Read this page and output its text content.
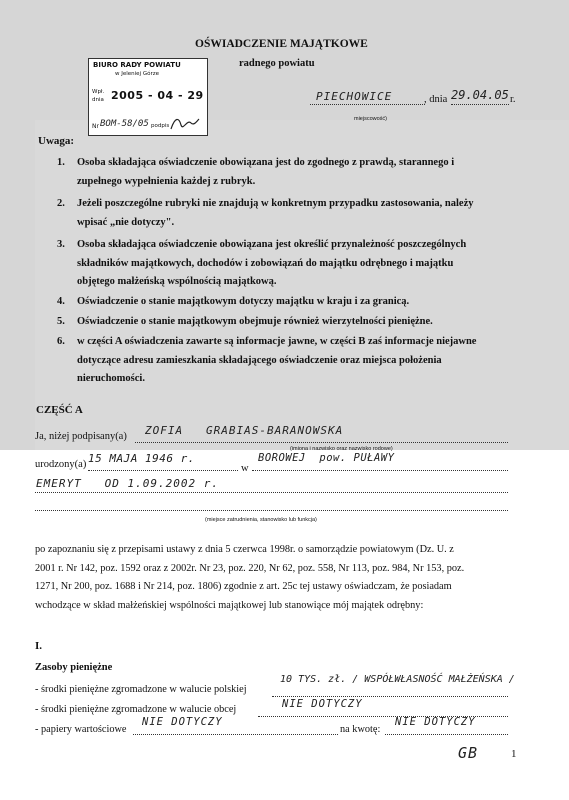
OŚWIADCZENIE MAJĄTKOWE
radnego powiatu
BIURO RADY POWIATU
w Jeleniej Górze
Wpł.
dnia 2005 - 04 - 29
Nr BOM-58/05 podpis
PIECHOWICE	, dnia 29.04.05 r.
miejscowość)
Uwaga:
1. Osoba składająca oświadczenie obowiązana jest do zgodnego z prawdą, starannego i
zupełnego wypełnienia każdej z rubryk.
2. Jeżeli poszczególne rubryki nie znajdują w konkretnym przypadku zastosowania, należy
wpisać „nie dotyczy".
3. Osoba składająca oświadczenie obowiązana jest określić przynależność poszczególnych
składników majątkowych, dochodów i zobowiązań do majątku odrębnego i majątku
objętego małżeńską wspólnością majątkową.
4. Oświadczenie o stanie majątkowym dotyczy majątku w kraju i za granicą.
5. Oświadczenie o stanie majątkowym obejmuje również wierzytelności pieniężne.
6. w części A oświadczenia zawarte są informacje jawne, w części B zaś informacje niejawne
dotyczące adresu zamieszkania składającego oświadczenie oraz miejsca położenia
nieruchomości.
CZĘŚĆ A
Ja, niżej podpisany(a) ZOFIA   GRABIAS-BARANOWSKA
(imiona i nazwisko oraz nazwisko rodowe)
urodzony(a) 15 MAJA 1946 r.
w
BOROWEJ  pow. PUŁAWY
EMERYT   OD 1.09.2002 r.
(miejsce zatrudnienia, stanowisko lub funkcja)
po zapoznaniu się z przepisami ustawy z dnia 5 czerwca 1998r. o samorządzie powiatowym (Dz. U. z
2001 r. Nr 142, poz. 1592 oraz z 2002r. Nr 23, poz. 220, Nr 62, poz. 558, Nr 113, poz. 984, Nr 153, poz.
1271, Nr 200, poz. 1688 i Nr 214, poz. 1806) zgodnie z art. 25c tej ustawy oświadczam, że posiadam
wchodzące w skład małżeńskiej wspólności majątkowej lub stanowiące mój majątek odrębny:
I.
Zasoby pieniężne
- środki pieniężne zgromadzone w walucie polskiej
10 TYS. zł. / WSPÓŁWŁASNOŚĆ MAŁŻEŃSKA /
- środki pieniężne zgromadzone w walucie obcej	NIE DOTYCZY
- papiery wartościowe
NIE DOTYCZY
na kwotę:
NIE DOTYCZY
GB	1
